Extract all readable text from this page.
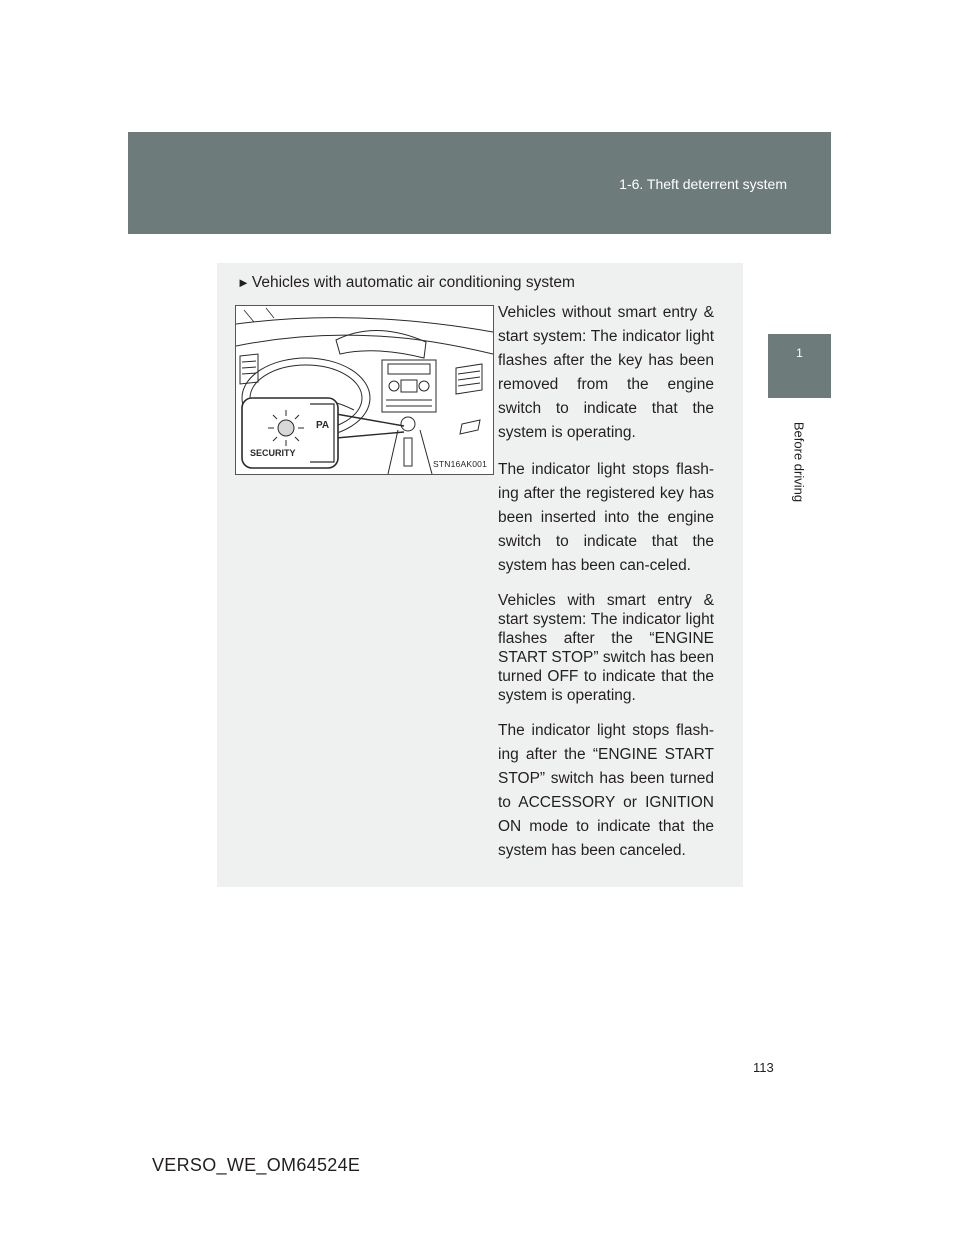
1-6. Theft deterrent system
1
Before driving
► Vehicles with automatic air conditioning system
PA
SECURITY
STN16AK001

Vehicles without smart entry & start system: The indicator light flashes after the key has been removed from the engine switch to indicate that the system is operating.

The indicator light stops flash-ing after the registered key has been inserted into the engine switch to indicate that the system has been can-celed.

Vehicles with smart entry & start system: The indicator light flashes after the “ENGINE START STOP” switch has been turned OFF to indicate that the system is operating.

The indicator light stops flash-ing after the “ENGINE START STOP” switch has been turned to ACCESSORY or IGNITION ON mode to indicate that the system has been canceled.

113
VERSO_WE_OM64524E
